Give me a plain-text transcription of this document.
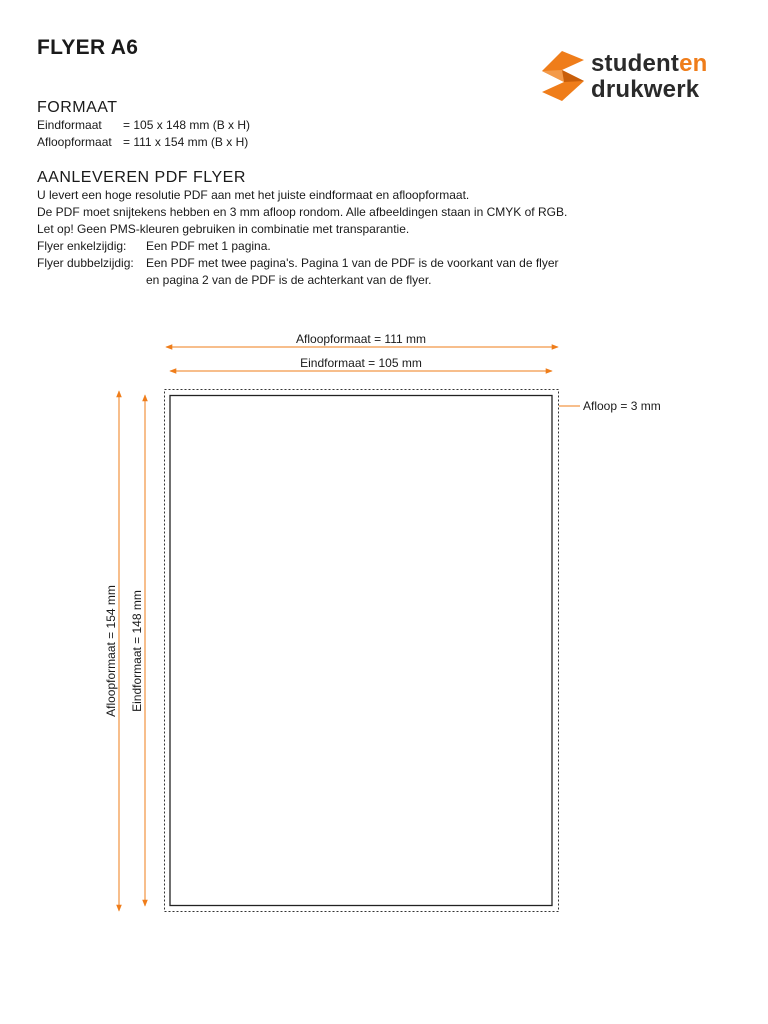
FLYER A6
studenten
drukwerk
FORMAAT
Eindformaat = 105 x 148 mm (B x H)
Afloopformaat = 111 x 154 mm (B x H)
AANLEVEREN PDF FLYER
U levert een hoge resolutie PDF aan met het juiste eindformaat en afloopformaat.
De PDF moet snijtekens hebben en 3 mm afloop rondom. Alle afbeeldingen staan in CMYK of RGB.
Let op! Geen PMS-kleuren gebruiken in combinatie met transparantie.
Flyer enkelzijdig: Een PDF met 1 pagina.
Flyer dubbelzijdig: Een PDF met twee pagina's. Pagina 1 van de PDF is de voorkant van de flyer
en pagina 2 van de PDF is de achterkant van de flyer.
Afloopformaat = 111 mm
Eindformaat = 105 mm
Afloopformaat = 154 mm Eindformaat = 148 mm
Afloop = 3 mm
